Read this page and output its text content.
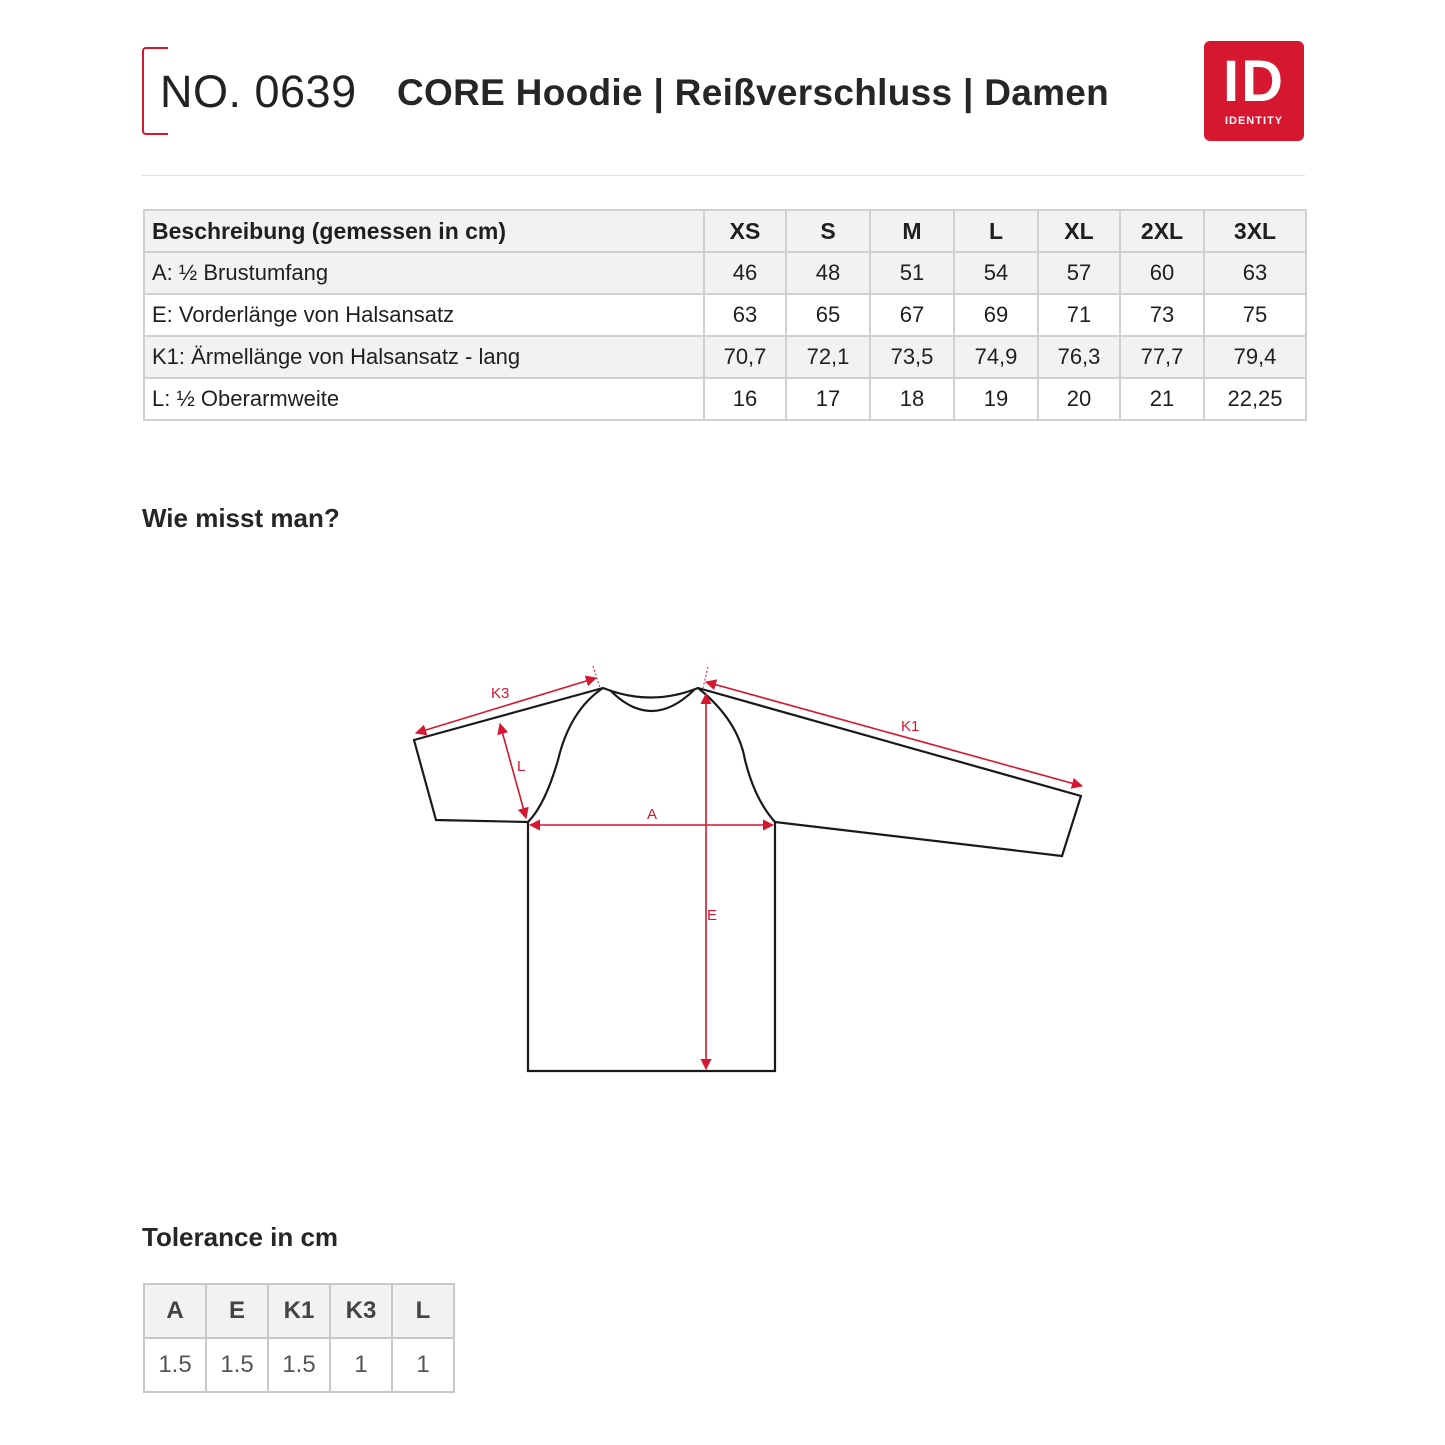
NO. 0639 CORE Hoodie | Reißverschluss | Damen	ID
IDENTITY
Beschreibung (gemessen in cm)	XS	S	M	L	XL	2XL	3XL
A: ½ Brustumfang	46	48	51	54	57	60	63
E: Vorderlänge von Halsansatz	63	65	67	69	71	73	75
K1: Ärmellänge von Halsansatz - lang	70,7	72,1	73,5	74,9	76,3	77,7	79,4
L: ½ Oberarmweite	16	17	18	19	20	21	22,25
Wie misst man?
K3
K1
L
A
E
Tolerance in cm
A	E	K1	K3	L
1.5	1.5	1.5	1	1
